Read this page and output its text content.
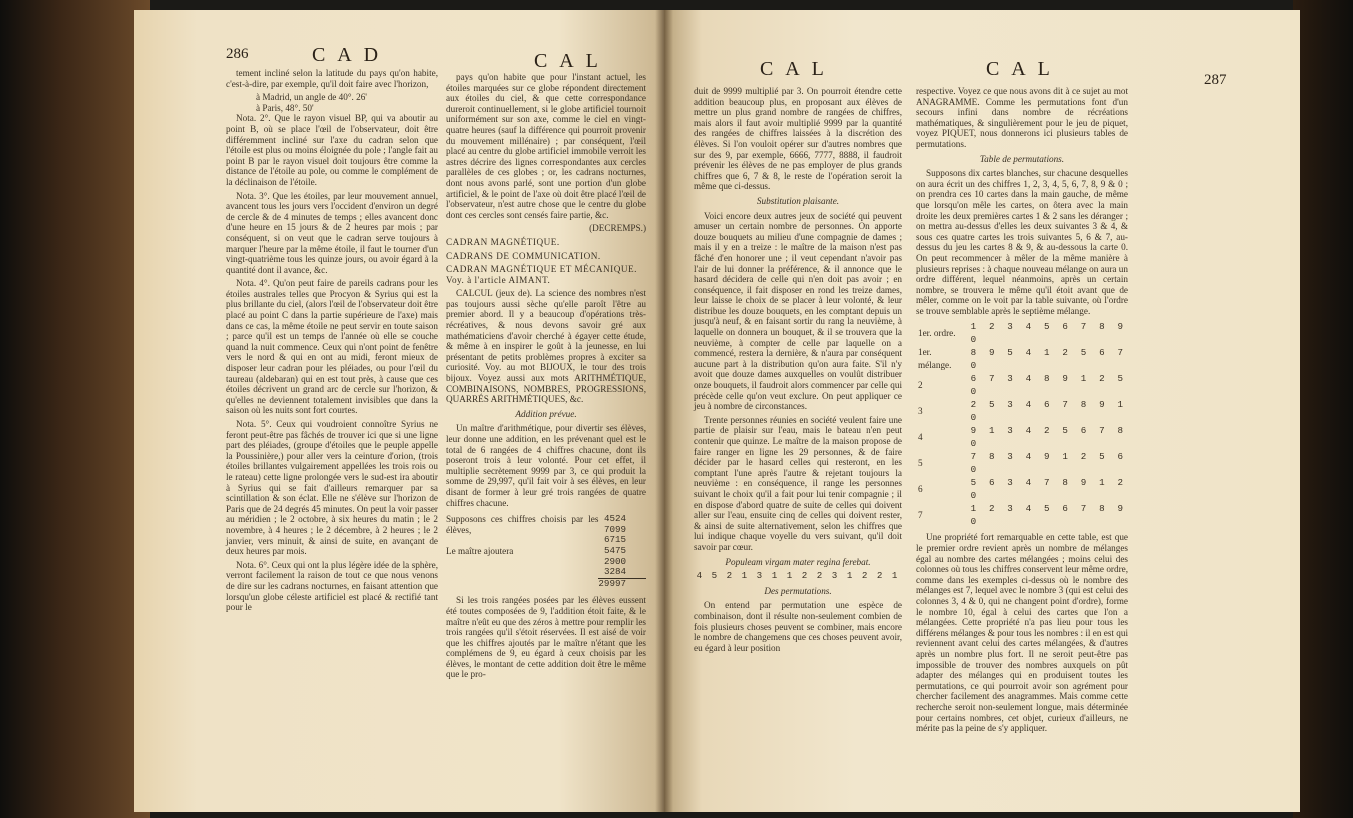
286	C A D	C A L

tement incliné selon la latitude du pays qu'on habite, c'est-à-dire, par exemple, qu'il doit faire avec l'horizon,

à Madrid, un angle de 40°. 26'
à Paris, 48°. 50'

Nota. 2°. Que le rayon visuel BP, qui va aboutir au point B, où se place l'œil de l'observateur, doit être différemment incliné sur l'axe du cadran selon que l'étoile est plus ou moins éloignée du pole ; l'angle fait au point B par le rayon visuel doit toujours être comme la distance de l'étoile au pole, ou comme le complément de la déclinaison de l'étoile.

Nota. 3°. Que les étoiles, par leur mouvement annuel, avancent tous les jours vers l'occident d'environ un degré de cercle & de 4 minutes de temps ; elles avancent donc d'une heure en 15 jours & de 2 heures par mois ; par conséquent, si on veut que le cadran serve toujours à marquer l'heure par la même étoile, il faut le tourner d'un vingt-quatrième tous les quinze jours, ou avoir égard à la quantité dont il avance, &c.

Nota. 4°. Qu'on peut faire de pareils cadrans pour les étoiles australes telles que Procyon & Syrius qui est la plus brillante du ciel, (alors l'œil de l'observateur doit être placé au point C dans la partie supérieure de l'axe) mais dans ce cas, la même étoile ne peut servir en toute saison ; parce qu'il est un temps de l'année où elle se couche quand la nuit commence. Ceux qui n'ont point de fenêtre vers le nord & qui en ont au midi, feront mieux de disposer leur cadran pour les pléiades, ou pour l'œil du taureau (aldebaran) qui en est tout près, à cause que ces étoiles décrivent un grand arc de cercle sur l'horizon, & qu'elles ne deviennent totalement invisibles que dans la saison où les nuits sont fort courtes.

Nota. 5°. Ceux qui voudroient connoître Syrius ne feront peut-être pas fâchés de trouver ici que si une ligne part des pléiades, (groupe d'étoiles que le peuple appelle la Poussinière,) pour aller vers la ceinture d'orion, (trois étoiles brillantes vulgairement appellées les trois rois ou le rateau) cette ligne prolongée vers le sud-est ira aboutir à Syrius qui se fait d'ailleurs remarquer par sa scintillation & son éclat. Elle ne s'élève sur l'horizon de Paris que de 24 degrés 45 minutes. On peut la voir passer au méridien ; le 2 octobre, à six heures du matin ; le 2 novembre, à 4 heures ; le 2 décembre, à 2 heures ; le 2 janvier, vers minuit, & ainsi de suite, en avançant de deux heures par mois.

Nota. 6°. Ceux qui ont la plus légère idée de la sphère, verront facilement la raison de tout ce que nous venons de dire sur les cadrans nocturnes, en faisant attention que lorsqu'un globe céleste artificiel est placé & rectifié tant pour le

pays qu'on habite que pour l'instant actuel, les étoiles marquées sur ce globe répondent directement aux étoiles du ciel, & que cette correspondance dureroit continuellement, si le globe artificiel tournoit uniformément sur son axe, comme le ciel en vingt-quatre heures (sauf la différence qui pourroit provenir du mouvement millénaire) ; par conséquent, l'œil placé au centre du globe artificiel immobile verroit les astres décrire des lignes correspondantes aux cercles parallèles de ces globes ; or, les cadrans nocturnes, dont nous avons parlé, sont une portion d'un globe artificiel, & le point de l'axe où doit être placé l'œil de l'observateur, n'est autre chose que le centre du globe dont ces cercles sont censés faire partie, &c.

(DECREMPS.)

CADRAN MAGNÉTIQUE.

CADRANS DE COMMUNICATION.

CADRAN MAGNÉTIQUE ET MÉCANIQUE. Voy. à l'article AIMANT.

CALCUL (jeux de). La science des nombres n'est pas toujours aussi sèche qu'elle paroît l'être au premier abord. Il y a beaucoup d'opérations très-récréatives, & nous devons savoir gré aux mathématiciens d'avoir cherché à égayer cette étude, & même à en inspirer le goût à la jeunesse, en lui présentant de petits problèmes propres à exciter sa curiosité. Voy. au mot BIJOUX, le tour des trois bijoux. Voyez aussi aux mots ARITHMÉTIQUE, COMBINAISONS, NOMBRES, PROGRESSIONS, QUARRÉS ARITHMÉTIQUES, &c.

Addition prévue.

Un maître d'arithmétique, pour divertir ses élèves, leur donne une addition, en les prévenant quel est le total de 6 rangées de 4 chiffres chacune, dont ils poseront trois à leur volonté. Pour cet effet, il multiplie secrètement 9999 par 3, ce qui produit la somme de 29,997, qu'il fait voir à ses élèves, en leur disant de former à leur gré trois rangées de quatre chiffres chacune.

Supposons ces chiffres choisis par les élèves,	4524
	7099
	6715
Le maître ajoutera	5475
	2900
	3284
	29997

Si les trois rangées posées par les élèves eussent été toutes composées de 9, l'addition étoit faite, & le maître n'eût eu que des zéros à mettre pour remplir les trois rangées qu'il s'étoit réservées. Il est aisé de voir que les chiffres ajoutés par le maître n'étant que les complémens de 9, eu égard à ceux choisis par les élèves, le montant de cette addition doit être le même que le pro-

C A L	C A L	287

duit de 9999 multiplié par 3. On pourroit étendre cette addition beaucoup plus, en proposant aux élèves de mettre un plus grand nombre de rangées de chiffres, mais alors il faut avoir multiplié 9999 par la quantité des rangées de chiffres laissées à la discrétion des élèves. Si l'on vouloit opérer sur d'autres nombres que sur des 9, par exemple, 6666, 7777, 8888, il faudroit prévenir les élèves de ne pas employer de plus grands chiffres que 6, 7 & 8, le reste de l'opération seroit la même que ci-dessus.

Substitution plaisante.

Voici encore deux autres jeux de société qui peuvent amuser un certain nombre de personnes. On apporte douze bouquets au milieu d'une compagnie de dames ; mais il y en a treize : le maître de la maison n'est pas fâché d'en honorer une ; il veut cependant n'avoir pas l'air de lui donner la préférence, & il annonce que le hasard décidera de celle qui n'en doit pas avoir ; en conséquence, il fait disposer en rond les treize dames, leur laisse le choix de se placer à leur volonté, & leur distribue les douze bouquets, en les comptant depuis un jusqu'à neuf, & en faisant sortir du rang la neuvième, à laquelle on donnera un bouquet, & il se trouvera que la neuvième, à compter de celle par laquelle on a commencé, restera la dernière, & n'aura par conséquent aucune part à la distribution qu'on aura faite. S'il n'y avoit que douze dames auxquelles on voulût distribuer onze bouquets, il faudroit alors commencer par celle qui précède celle qu'on veut exclure. On peut appliquer ce jeu à nombre de circonstances.

Trente personnes réunies en société veulent faire une partie de plaisir sur l'eau, mais le bateau n'en peut contenir que quinze. Le maître de la maison propose de faire ranger en ligne les 29 personnes, & de faire décider par le hasard celles qui resteront, en les comptant l'une après l'autre & rejetant toujours la neuvième : en conséquence, il range les personnes suivant le choix qu'il a fait pour lui tenir compagnie ; il en dispose d'abord quatre de suite de celles qui doivent aller sur l'eau, ensuite cinq de celles qui doivent rester, & ainsi de suite alternativement, selon les chiffres que lui indique chaque voyelle du vers suivant, qu'il doit savoir par cœur.

Populeam virgam mater regina ferebat.

4 5 2 1 3 1 1 2 2 3 1 2 2 1

Des permutations.

On entend par permutation une espèce de combinaison, dont il résulte non-seulement combien de fois plusieurs choses peuvent se combiner, mais encore le nombre de changemens que ces choses peuvent avoir, eu égard à leur position

respective. Voyez ce que nous avons dit à ce sujet au mot ANAGRAMME. Comme les permutations font d'un secours infini dans nombre de récréations mathématiques, & singulièrement pour le jeu de piquet, voyez PIQUET, nous donnerons ici plusieurs tables de permutations.

Table de permutations.

Supposons dix cartes blanches, sur chacune desquelles on aura écrit un des chiffres 1, 2, 3, 4, 5, 6, 7, 8, 9 & 0 ; on prendra ces 10 cartes dans la main gauche, de même que lorsqu'on mêle les cartes, on ôtera avec la main droite les deux premières cartes 1 & 2 sans les déranger ; on mettra au-dessus d'elles les deux suivantes 3 & 4, & sous ces quatre cartes les trois suivantes 5, 6 & 7, au-dessus du jeu les cartes 8 & 9, & au-dessous la carte 0. On peut recommencer à mêler de la même manière à plusieurs reprises : à chaque nouveau mélange on aura un ordre différent, lequel néanmoins, après un certain nombre, se trouvera le même qu'il étoit avant que de mêler, comme on le voit par la table suivante, où l'ordre se trouve semblable après le septième mélange.

1er. ordre.	1 2 3 4 5 6 7 8 9 0
1er. mélange.	8 9 5 4 1 2 5 6 7 0
2	6 7 3 4 8 9 1 2 5 0
3	2 5 3 4 6 7 8 9 1 0
4	9 1 3 4 2 5 6 7 8 0
5	7 8 3 4 9 1 2 5 6 0
6	5 6 3 4 7 8 9 1 2 0
7	1 2 3 4 5 6 7 8 9 0

Une propriété fort remarquable en cette table, est que le premier ordre revient après un nombre de mélanges égal au nombre des cartes mélangées ; moins celui des colonnes où tous les chiffres conservent leur même ordre, comme dans les exemples ci-dessus où le nombre des mélanges est 7, lequel avec le nombre 3 (qui est celui des colonnes 3, 4 & 0, qui ne changent point d'ordre), forme le nombre 10, égal à celui des cartes que l'on a mélangées. Cette propriété n'a pas lieu pour tous les différens mélanges & pour tous les nombres : il en est qui reviennent avant celui des cartes mélangées, & d'autres après un nombre plus fort. Il ne seroit peut-être pas impossible de trouver des nombres auxquels on pût adapter des mélanges qui en produisent toutes les permutations, ce qui pourroit avoir son agrément pour chercher facilement des anagrammes. Mais comme cette recherche seroit non-seulement longue, mais déterminée pour certains nombres, cet objet, curieux d'ailleurs, ne mérite pas la peine de s'y appliquer.
